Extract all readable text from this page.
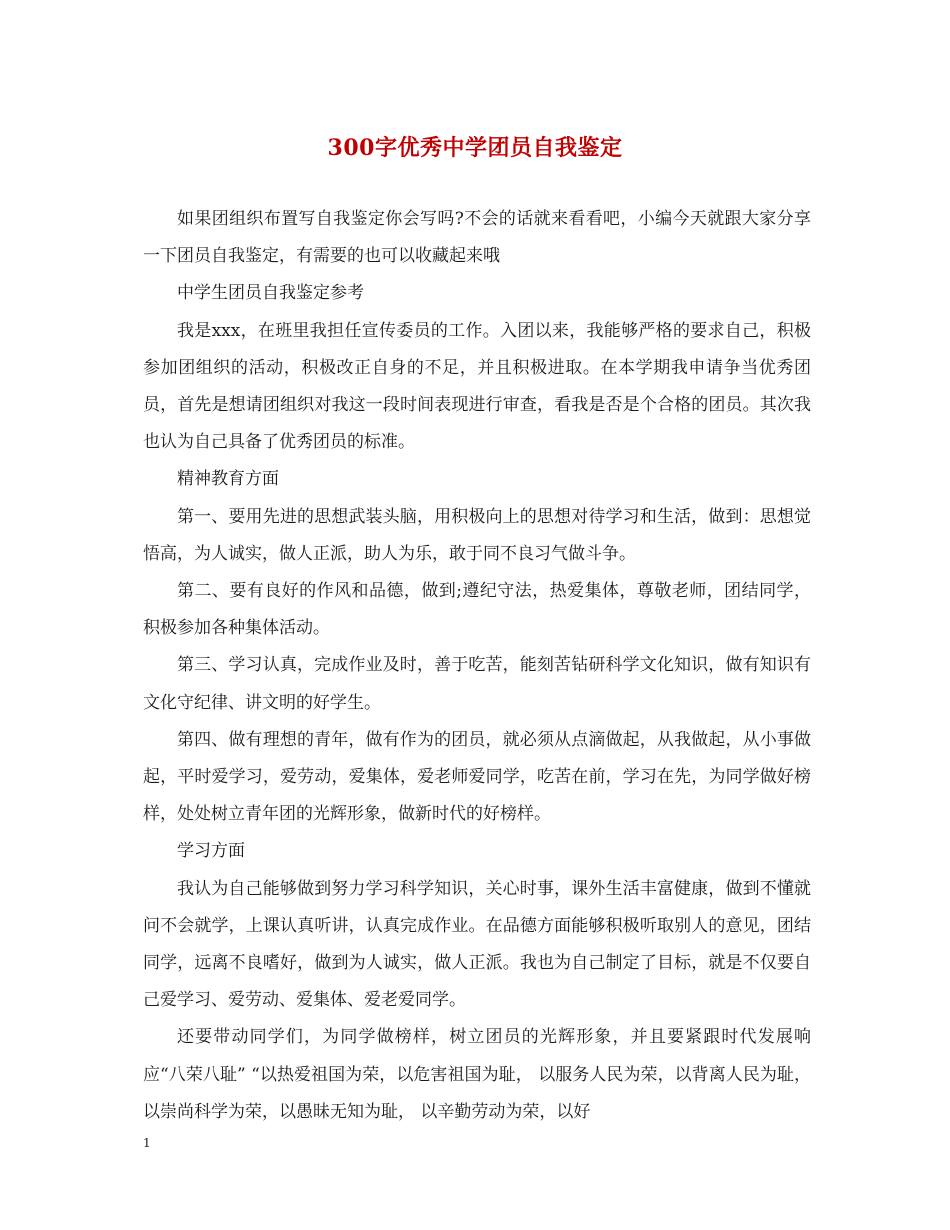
300字优秀中学团员自我鉴定

如果团组织布置写自我鉴定你会写吗?不会的话就来看看吧，小编今天就跟大家分享一下团员自我鉴定，有需要的也可以收藏起来哦

中学生团员自我鉴定参考

我是xxx，在班里我担任宣传委员的工作。入团以来，我能够严格的要求自己，积极参加团组织的活动，积极改正自身的不足，并且积极进取。在本学期我申请争当优秀团员，首先是想请团组织对我这一段时间表现进行审查，看我是否是个合格的团员。其次我也认为自己具备了优秀团员的标准。

精神教育方面

第一、要用先进的思想武装头脑，用积极向上的思想对待学习和生活，做到：思想觉悟高，为人诚实，做人正派，助人为乐，敢于同不良习气做斗争。

第二、要有良好的作风和品德，做到;遵纪守法，热爱集体，尊敬老师，团结同学，积极参加各种集体活动。

第三、学习认真，完成作业及时，善于吃苦，能刻苦钻研科学文化知识，做有知识有文化守纪律、讲文明的好学生。

第四、做有理想的青年，做有作为的团员，就必须从点滴做起，从我做起，从小事做起，平时爱学习，爱劳动，爱集体，爱老师爱同学，吃苦在前，学习在先，为同学做好榜样，处处树立青年团的光辉形象，做新时代的好榜样。

学习方面

我认为自己能够做到努力学习科学知识，关心时事，课外生活丰富健康，做到不懂就问不会就学，上课认真听讲，认真完成作业。在品德方面能够积极听取别人的意见，团结同学，远离不良嗜好，做到为人诚实，做人正派。我也为自己制定了目标，就是不仅要自己爱学习、爱劳动、爱集体、爱老爱同学。

还要带动同学们，为同学做榜样，树立团员的光辉形象，并且要紧跟时代发展响应“八荣八耻” “以热爱祖国为荣，以危害祖国为耻， 以服务人民为荣，以背离人民为耻， 以崇尚科学为荣，以愚昧无知为耻， 以辛勤劳动为荣，以好

1
